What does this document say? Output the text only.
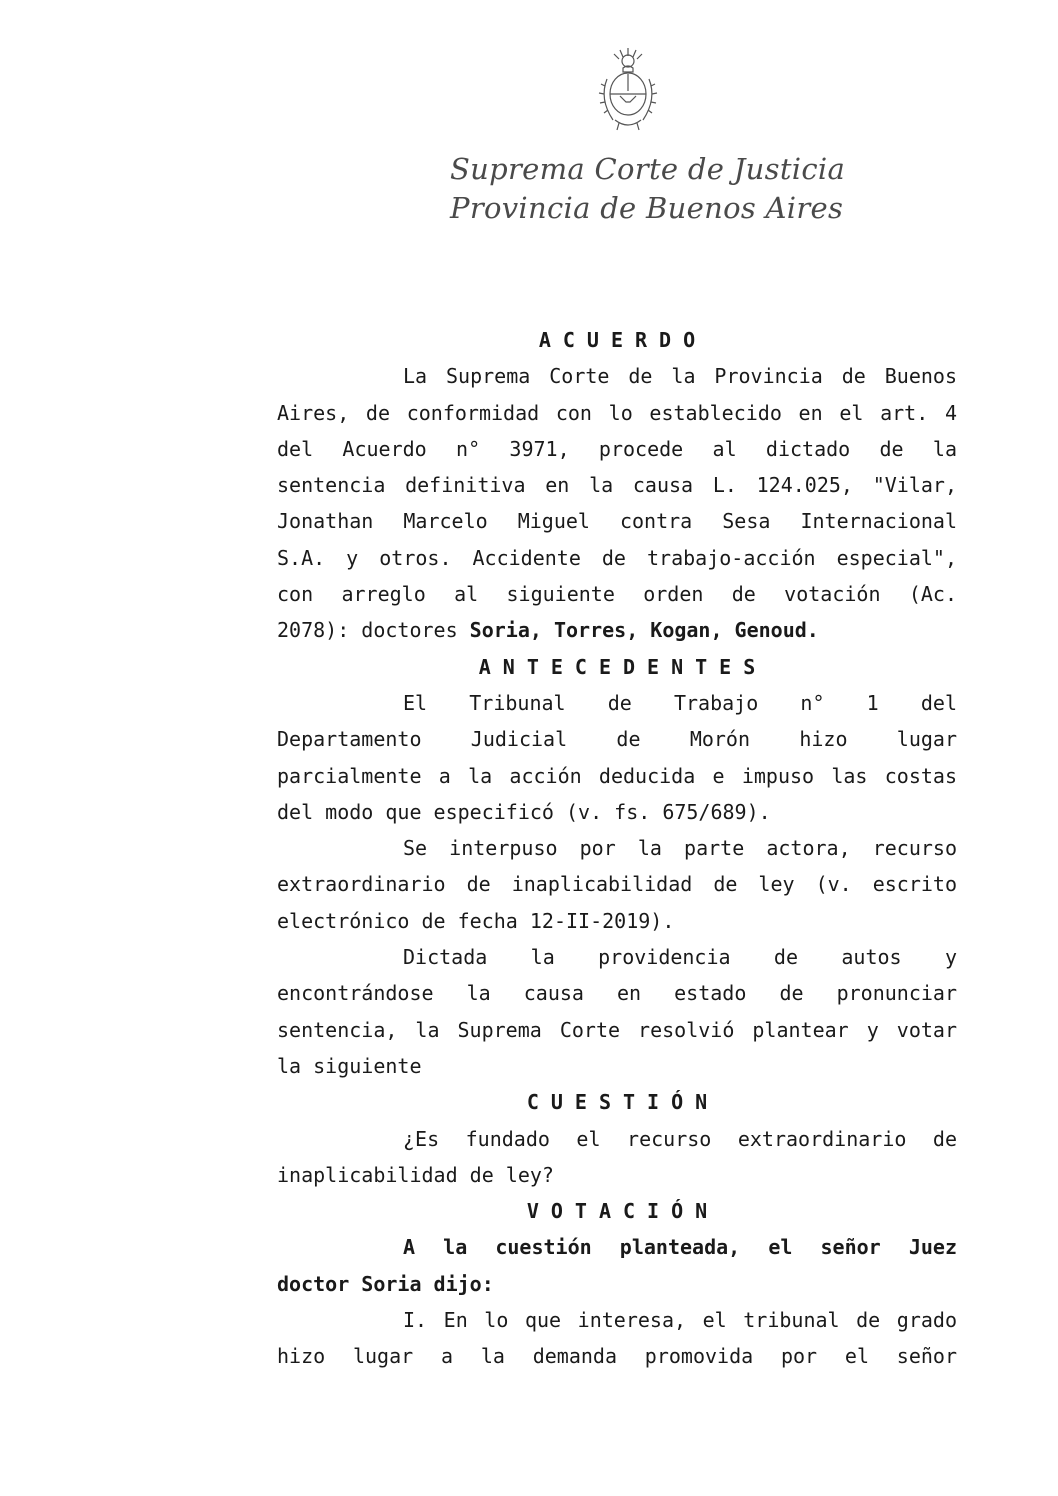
Suprema Corte de Justicia
Provincia de Buenos Aires
ACUERDO
La Suprema Corte de la Provincia de Buenos
Aires, de conformidad con lo establecido en el art. 4
del Acuerdo n° 3971, procede al dictado de la
sentencia definitiva en la causa L. 124.025, "Vilar,
Jonathan Marcelo Miguel contra Sesa Internacional
S.A. y otros. Accidente de trabajo-acción especial",
con arreglo al siguiente orden de votación (Ac.
2078): doctores Soria, Torres, Kogan, Genoud.
ANTECEDENTES
El Tribunal de Trabajo n° 1 del
Departamento Judicial de Morón hizo lugar
parcialmente a la acción deducida e impuso las costas
del modo que especificó (v. fs. 675/689).
Se interpuso por la parte actora, recurso
extraordinario de inaplicabilidad de ley (v. escrito
electrónico de fecha 12-II-2019).
Dictada la providencia de autos y
encontrándose la causa en estado de pronunciar
sentencia, la Suprema Corte resolvió plantear y votar
la siguiente
CUESTIÓN
¿Es fundado el recurso extraordinario de
inaplicabilidad de ley?
VOTACIÓN
A la cuestión planteada, el señor Juez
doctor Soria dijo:
I. En lo que interesa, el tribunal de grado
hizo lugar a la demanda promovida por el señor
